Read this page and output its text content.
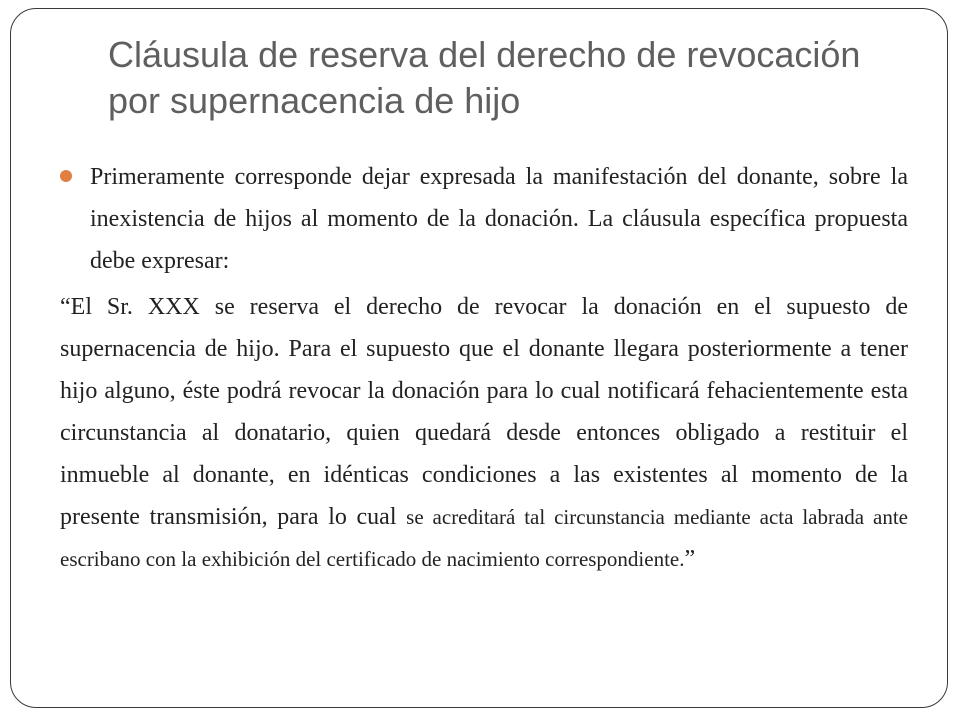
Cláusula de reserva del derecho de revocación por supernacencia de hijo
Primeramente corresponde dejar expresada la manifestación del donante, sobre la inexistencia de hijos al momento de la donación. La cláusula específica propuesta debe expresar:
“El Sr. XXX se reserva el derecho de revocar la donación en el supuesto de supernacencia de hijo. Para el supuesto que el donante llegara posteriormente a tener hijo alguno, éste podrá revocar la donación para lo cual notificará fehacientemente esta circunstancia al donatario, quien quedará desde entonces obligado a restituir el inmueble al donante, en idénticas condiciones a las existentes al momento de la presente transmisión, para lo cual se acreditará tal circunstancia mediante acta labrada ante escribano con la exhibición del certificado de nacimiento correspondiente.”
